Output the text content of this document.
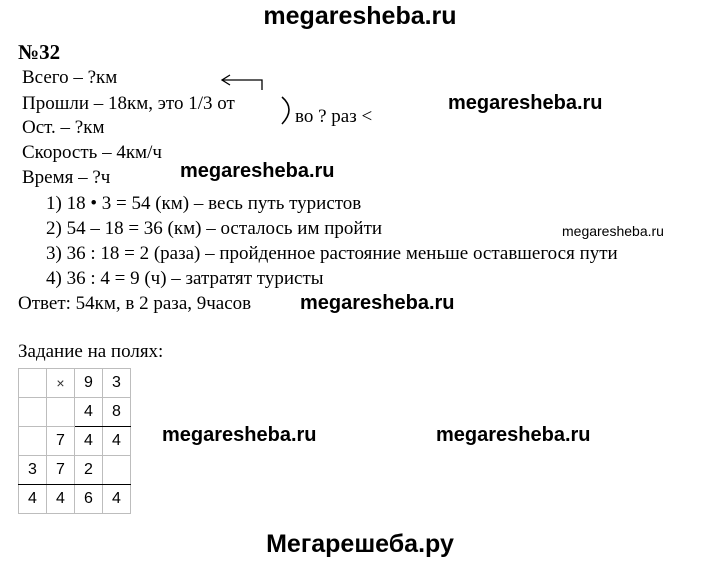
megaresheba.ru
№32
Всего – ?км
Прошли – 18км, это 1/3 от
Ост. – ?км
Скорость – 4км/ч
Время – ?ч
во ? раз <
megaresheba.ru
megaresheba.ru
1) 18 • 3 = 54 (км) – весь путь туристов
2) 54 – 18 = 36 (км) – осталось им пройти	megaresheba.ru
3) 36 : 18 = 2 (раза) – пройденное растояние меньше оставшегося пути
4) 36 : 4 = 9 (ч) – затратят туристы
Ответ: 54км, в 2 раза, 9часов megaresheba.ru
Задание на полях:
	×	9	3
		4	8
	7	4	4
3	7	2	
4	4	6	4
megaresheba.ru	megaresheba.ru
Мегарешеба.ру
